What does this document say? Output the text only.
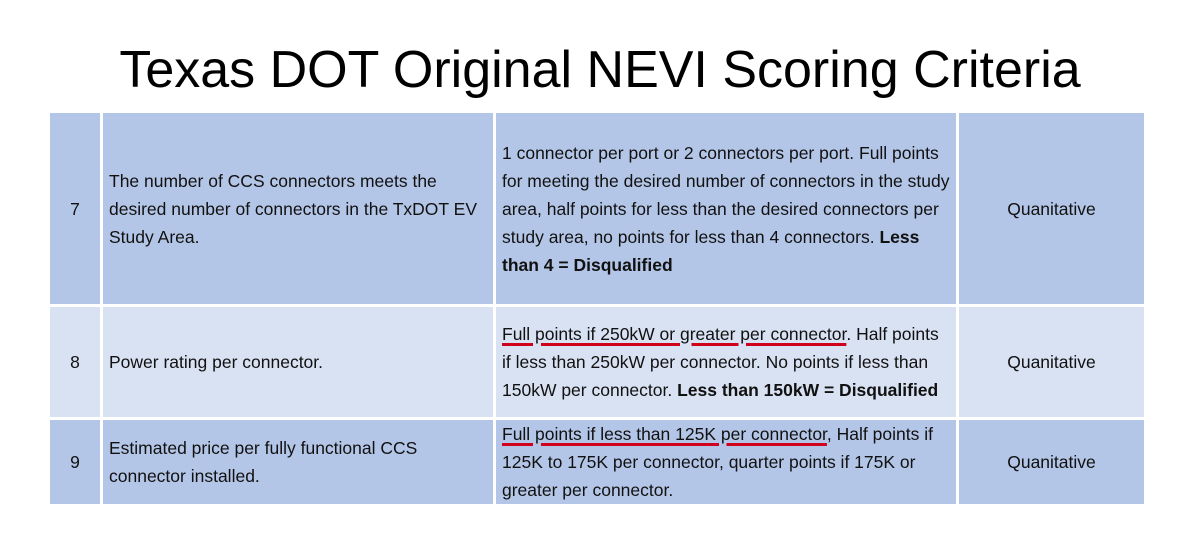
Texas DOT Original NEVI Scoring Criteria
7	The number of CCS connectors meets the desired number of connectors in the TxDOT EV Study Area.	1 connector per port or 2 connectors per port. Full points for meeting the desired number of connectors in the study area, half points for less than the desired connectors per study area, no points for less than 4 connectors. Less than 4 = Disqualified	Quanitative
8	Power rating per connector.	Full points if 250kW or greater per connector. Half points if less than 250kW per connector. No points if less than 150kW per connector. Less than 150kW = Disqualified	Quanitative
9	Estimated price per fully functional CCS connector installed.	Full points if less than 125K per connector, Half points if 125K to 175K per connector, quarter points if 175K or greater per connector.	Quanitative
